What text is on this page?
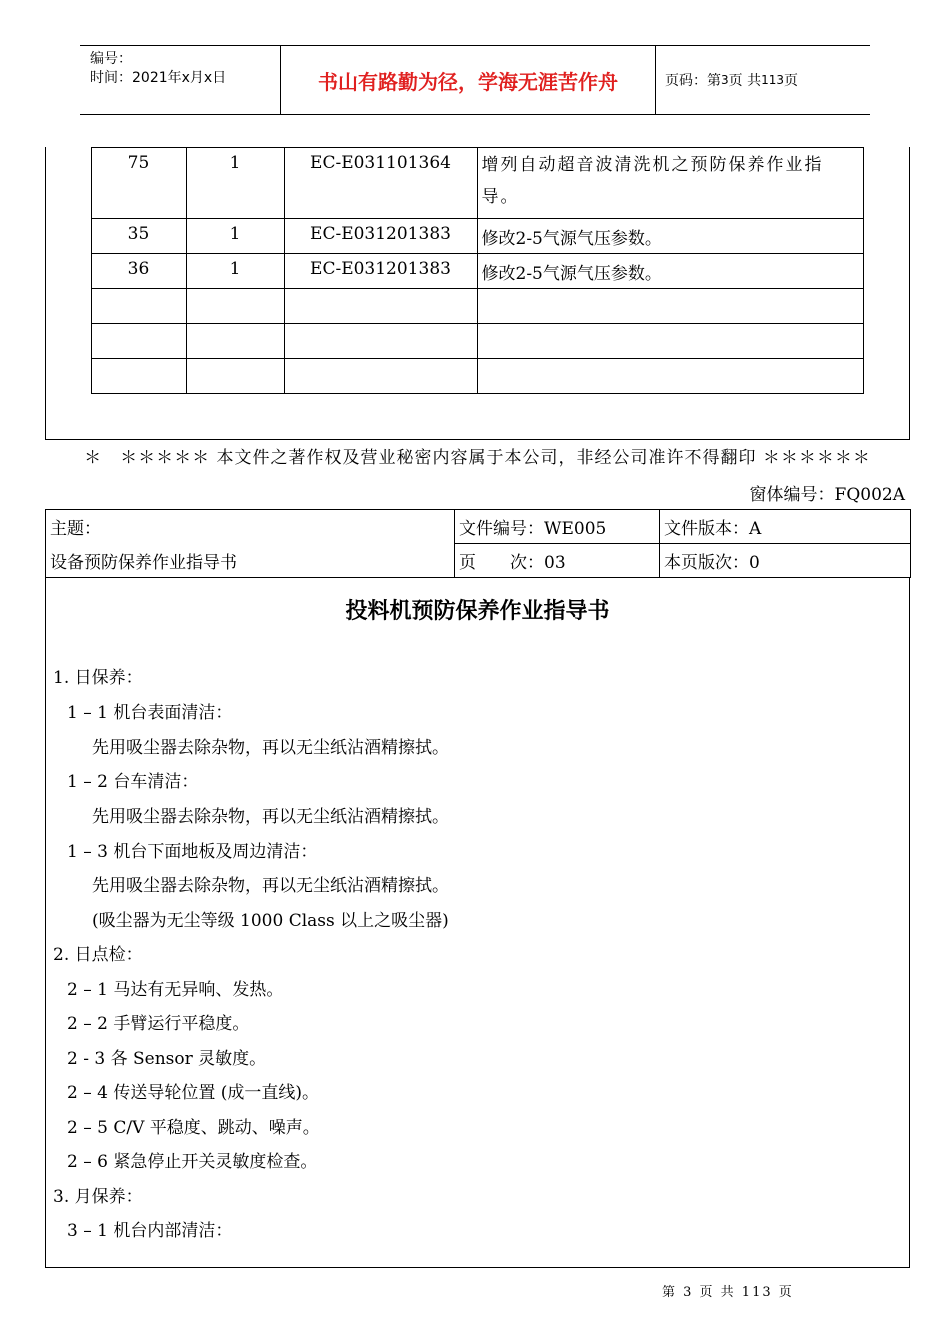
编号：
时间：2021年x月x日	书山有路勤为径，学海无涯苦作舟	页码：第 3 页 共 113 页
	75	1	EC-E031101364	增列自动超音波清洗机之预防保养作业指导。
	35	1	EC-E031201383	修改2-5气源气压参数。
	36	1	EC-E031201383	修改2-5气源气压参数。

＊　＊＊＊＊＊ 本文件之著作权及营业秘密内容属于本公司，非经公司准许不得翻印 ＊＊＊＊＊＊
窗体编号：FQ002A
主题：	文件编号：WE005	文件版本：A
设备预防保养作业指导书	页　　次：03	本页版次：0
投料机预防保养作业指导书
1. 日保养：
1 – 1 机台表面清洁：
先用吸尘器去除杂物，再以无尘纸沾酒精擦拭。
1 – 2 台车清洁：
先用吸尘器去除杂物，再以无尘纸沾酒精擦拭。
1 – 3 机台下面地板及周边清洁：
先用吸尘器去除杂物，再以无尘纸沾酒精擦拭。
(吸尘器为无尘等级 1000 Class 以上之吸尘器)
2. 日点检：
2 – 1 马达有无异响、发热。
2 – 2 手臂运行平稳度。
2 - 3 各 Sensor 灵敏度。
2 – 4 传送导轮位置 (成一直线)。
2 – 5 C/V 平稳度、跳动、噪声。
2 – 6 紧急停止开关灵敏度检查。
3. 月保养：
3 – 1 机台内部清洁：
第 3 页 共 113 页
